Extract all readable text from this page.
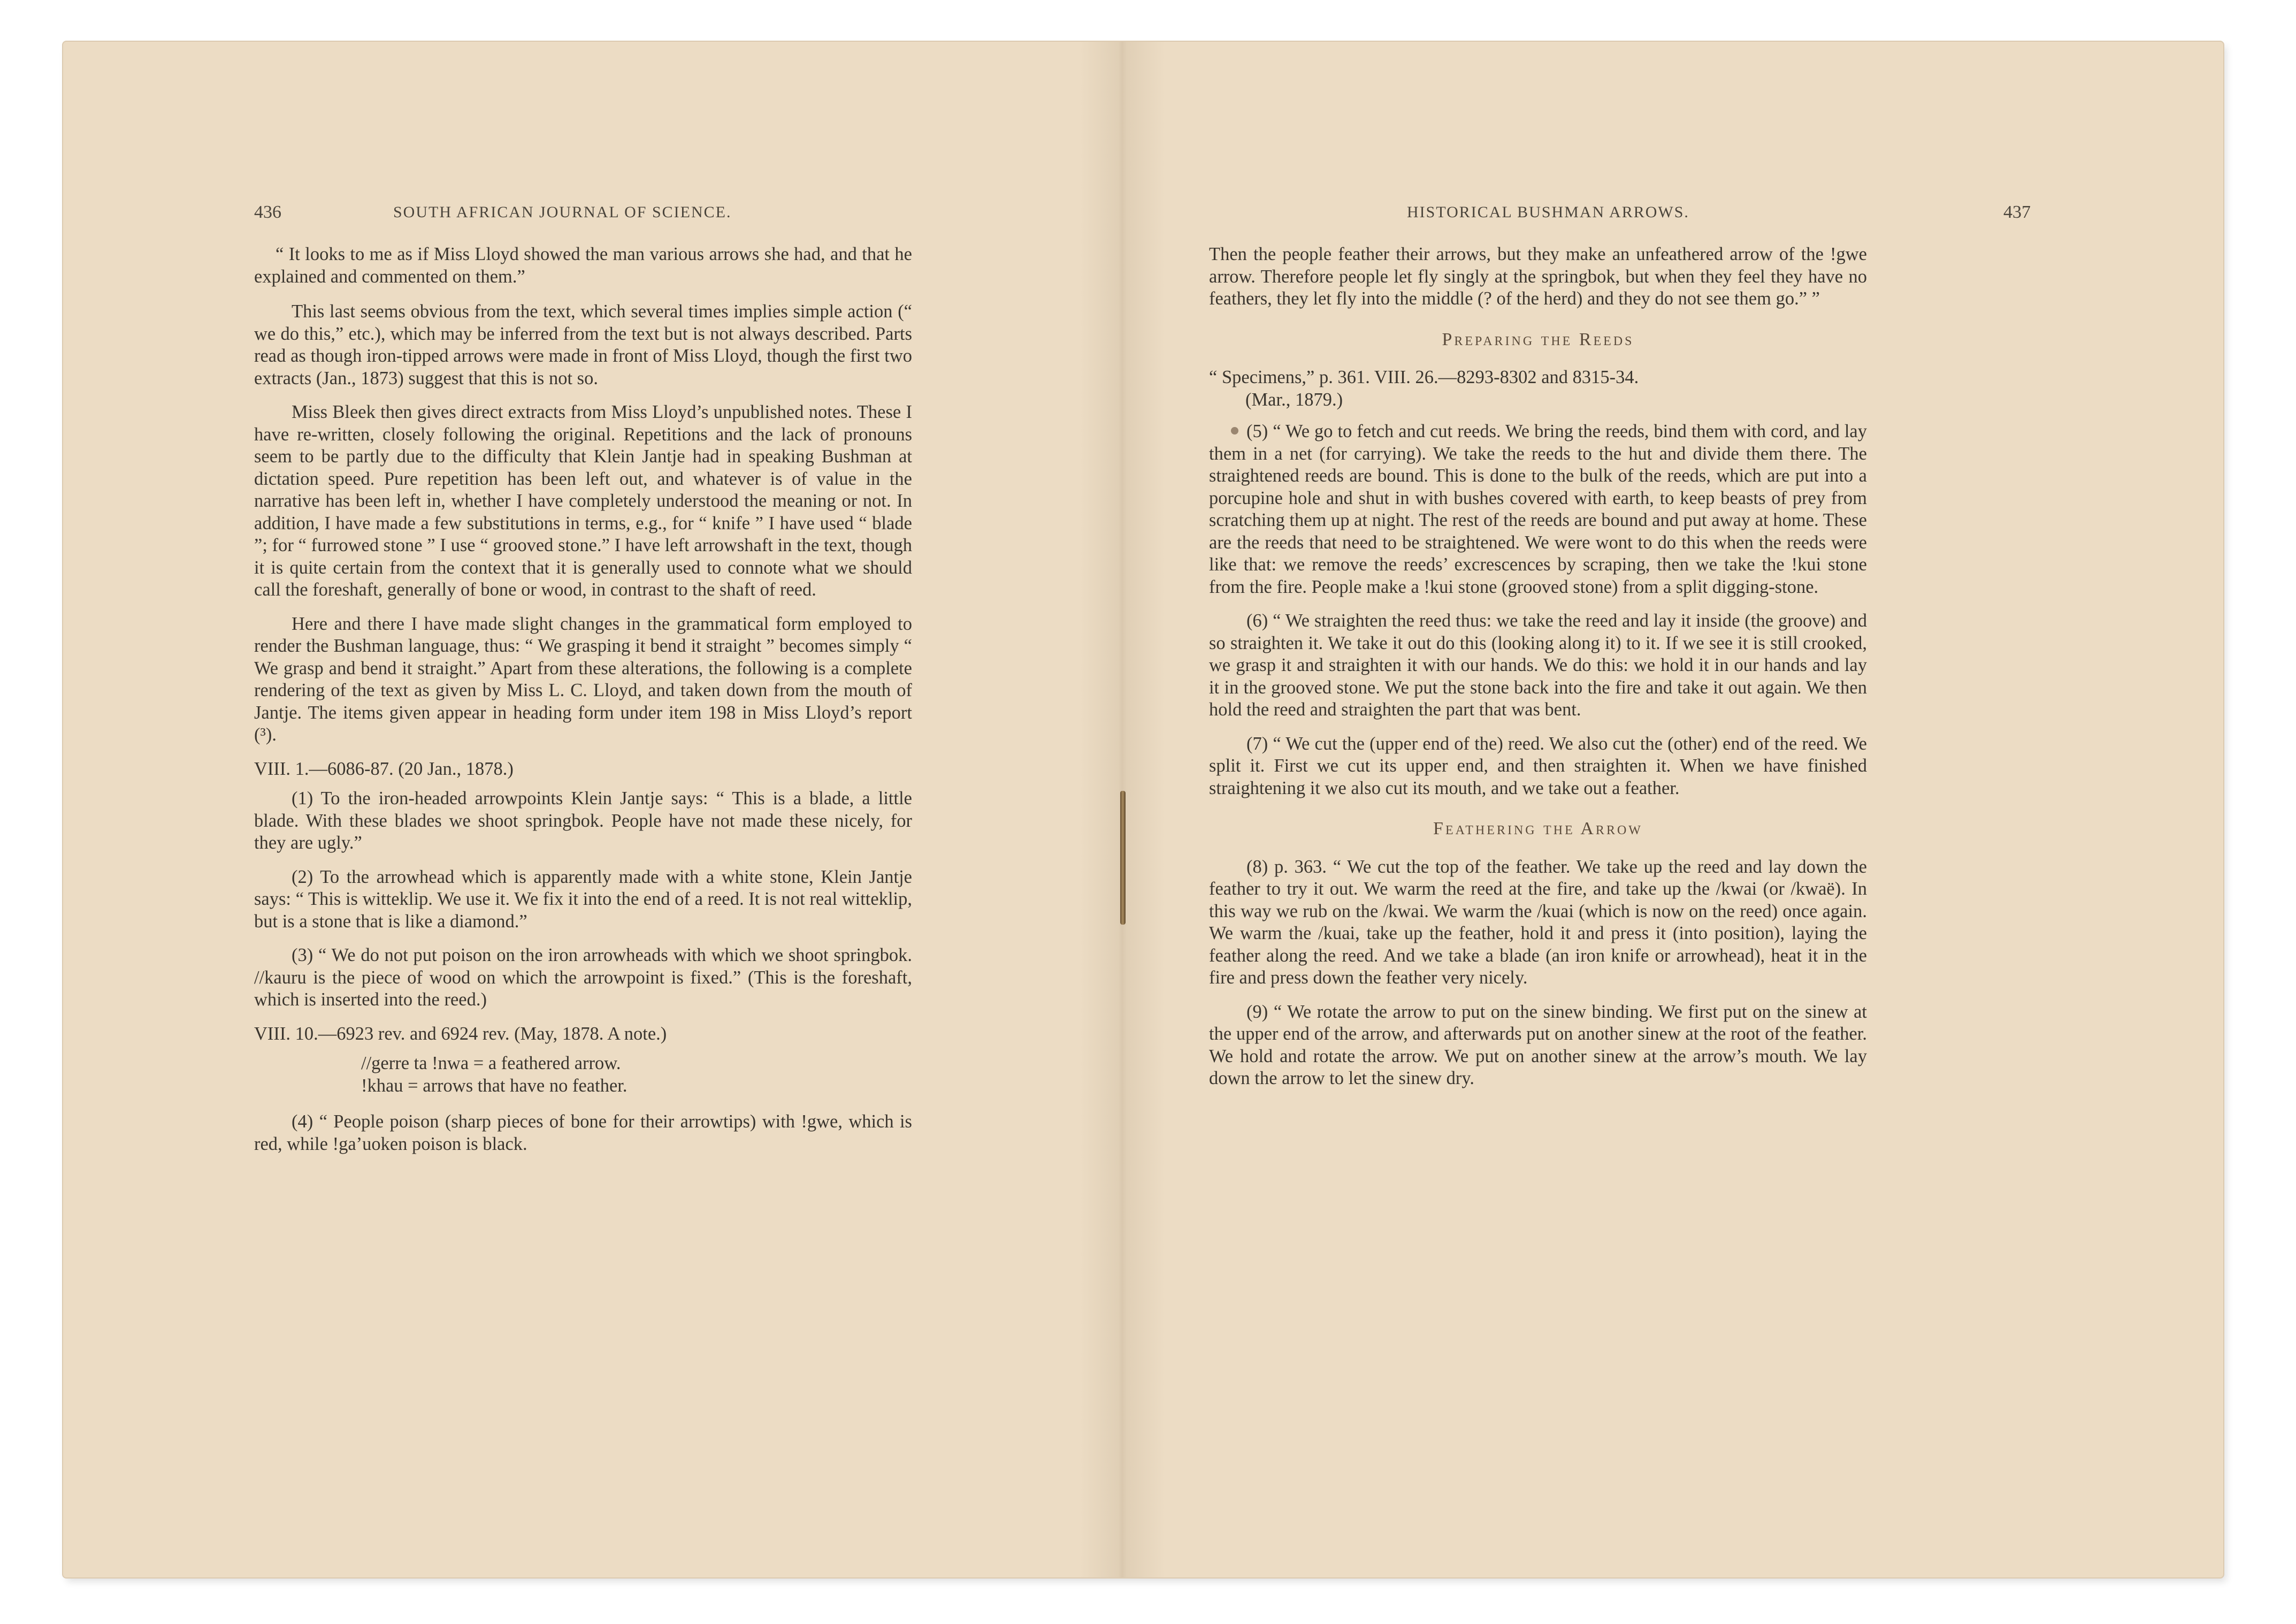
436	SOUTH AFRICAN JOURNAL OF SCIENCE.	HISTORICAL BUSHMAN ARROWS.	437

“ It looks to me as if Miss Lloyd showed the man various arrows she had, and that he explained and commented on them.”

This last seems obvious from the text, which several times implies simple action (“ we do this,” etc.), which may be inferred from the text but is not always described. Parts read as though iron-tipped arrows were made in front of Miss Lloyd, though the first two extracts (Jan., 1873) suggest that this is not so.

Miss Bleek then gives direct extracts from Miss Lloyd’s unpublished notes. These I have re-written, closely following the original. Repetitions and the lack of pronouns seem to be partly due to the difficulty that Klein Jantje had in speaking Bushman at dictation speed. Pure repetition has been left out, and whatever is of value in the narrative has been left in, whether I have completely understood the meaning or not. In addition, I have made a few substitutions in terms, e.g., for “ knife ” I have used “ blade ”; for “ furrowed stone ” I use “ grooved stone.” I have left arrowshaft in the text, though it is quite certain from the context that it is generally used to connote what we should call the foreshaft, generally of bone or wood, in contrast to the shaft of reed.

Here and there I have made slight changes in the grammatical form employed to render the Bushman language, thus: “ We grasping it bend it straight ” becomes simply “ We grasp and bend it straight.” Apart from these alterations, the following is a complete rendering of the text as given by Miss L. C. Lloyd, and taken down from the mouth of Jantje. The items given appear in heading form under item 198 in Miss Lloyd’s report (³).

VIII. 1.—6086-87. (20 Jan., 1878.)

(1) To the iron-headed arrowpoints Klein Jantje says: “ This is a blade, a little blade. With these blades we shoot springbok. People have not made these nicely, for they are ugly.”

(2) To the arrowhead which is apparently made with a white stone, Klein Jantje says: “ This is witteklip. We use it. We fix it into the end of a reed. It is not real witteklip, but is a stone that is like a diamond.”

(3) “ We do not put poison on the iron arrowheads with which we shoot springbok. //kauru is the piece of wood on which the arrowpoint is fixed.” (This is the foreshaft, which is inserted into the reed.)

VIII. 10.—6923 rev. and 6924 rev. (May, 1878. A note.)

//gerre ta !nwa = a feathered arrow.
!khau = arrows that have no feather.

(4) “ People poison (sharp pieces of bone for their arrowtips) with !gwe, which is red, while !ga’uoken poison is black.

Then the people feather their arrows, but they make an unfeathered arrow of the !gwe arrow. Therefore people let fly singly at the springbok, but when they feel they have no feathers, they let fly into the middle (? of the herd) and they do not see them go.” ”

Preparing the Reeds

“ Specimens,” p. 361. VIII. 26.—8293-8302 and 8315-34.
(Mar., 1879.)

(5) “ We go to fetch and cut reeds. We bring the reeds, bind them with cord, and lay them in a net (for carrying). We take the reeds to the hut and divide them there. The straightened reeds are bound. This is done to the bulk of the reeds, which are put into a porcupine hole and shut in with bushes covered with earth, to keep beasts of prey from scratching them up at night. The rest of the reeds are bound and put away at home. These are the reeds that need to be straightened. We were wont to do this when the reeds were like that: we remove the reeds’ excrescences by scraping, then we take the !kui stone from the fire. People make a !kui stone (grooved stone) from a split digging-stone.

(6) “ We straighten the reed thus: we take the reed and lay it inside (the groove) and so straighten it. We take it out do this (looking along it) to it. If we see it is still crooked, we grasp it and straighten it with our hands. We do this: we hold it in our hands and lay it in the grooved stone. We put the stone back into the fire and take it out again. We then hold the reed and straighten the part that was bent.

(7) “ We cut the (upper end of the) reed. We also cut the (other) end of the reed. We split it. First we cut its upper end, and then straighten it. When we have finished straightening it we also cut its mouth, and we take out a feather.

Feathering the Arrow

(8) p. 363. “ We cut the top of the feather. We take up the reed and lay down the feather to try it out. We warm the reed at the fire, and take up the /kwai (or /kwaë). In this way we rub on the /kwai. We warm the /kuai (which is now on the reed) once again. We warm the /kuai, take up the feather, hold it and press it (into position), laying the feather along the reed. And we take a blade (an iron knife or arrowhead), heat it in the fire and press down the feather very nicely.

(9) “ We rotate the arrow to put on the sinew binding. We first put on the sinew at the upper end of the arrow, and afterwards put on another sinew at the root of the feather. We hold and rotate the arrow. We put on another sinew at the arrow’s mouth. We lay down the arrow to let the sinew dry.
